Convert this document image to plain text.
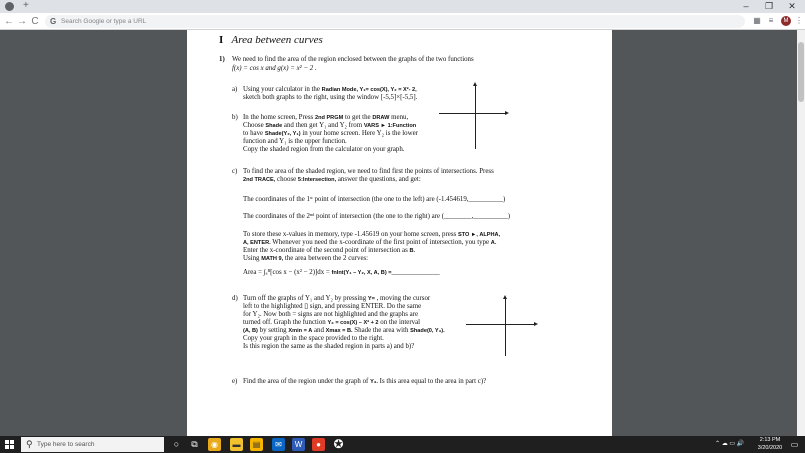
+	–	❐	✕
← → C G Search Google or type a URL	▦ ≡	M ⋮
I Area between curves
1) We need to find the area of the region enclosed between the graphs of the two functions
f(x) = cos x and g(x) = x² − 2 .
a) Using your calculator in the Radian Mode, Y₁= cos(X), Y₂ = X²- 2,
sketch both graphs to the right, using the window [-5,5]×[-5,5].
b) In the home screen, Press 2nd PRGM to get the DRAW menu,
Choose Shade and then get Y₁ and Y₂ from VARS ► 1:Function
to have Shade(Y₂, Y₁) in your home screen. Here Y₂ is the lower
function and Y₁ is the upper function.
Copy the shaded region from the calculator on your graph.
c) To find the area of the shaded region, we need to find first the points of intersections. Press
2nd TRACE, choose 5:Intersection, answer the questions, and get:
The coordinates of the 1ˢᵗ point of intersection (the one to the left) are (-1.454619,__________)
The coordinates of the 2ⁿᵈ point of intersection (the one to the right) are (________,__________)
To store these x-values in memory, type -1.45619 on your home screen, press STO ►, ALPHA,
A, ENTER. Whenever you need the x-coordinate of the first point of intersection, you type A.
Enter the x-coordinate of the second point of intersection as B.
Using MATH 9, the area between the 2 curves:
Area = ∫ₐᴮ[cos x − (x² − 2)]dx = fnInt(Y₁ – Y₂, X, A, B) =______________
d) Turn off the graphs of Y₁ and Y₂ by pressing Y= , moving the cursor
left to the highlighted ▯ sign, and pressing ENTER. Do the same
for Y₂. Now both = signs are not highlighted and the graphs are
turned off. Graph the function Y₃ = cos(X) – X² + 2 on the interval
(A, B) by setting Xmin = A and Xmax = B. Shade the area with Shade(0, Y₃).
Copy your graph in the space provided to the right.
Is this region the same as the shaded region in parts a) and b)?
e) Find the area of the region under the graph of Y₃. Is this area equal to the area in part c)?
⚲ Type here to search	○	⧉	◉	▬	▤	✉	W	●	✪	⌃ ☁ ▭ 🔊
2:13 PM
3/20/2020	▭
